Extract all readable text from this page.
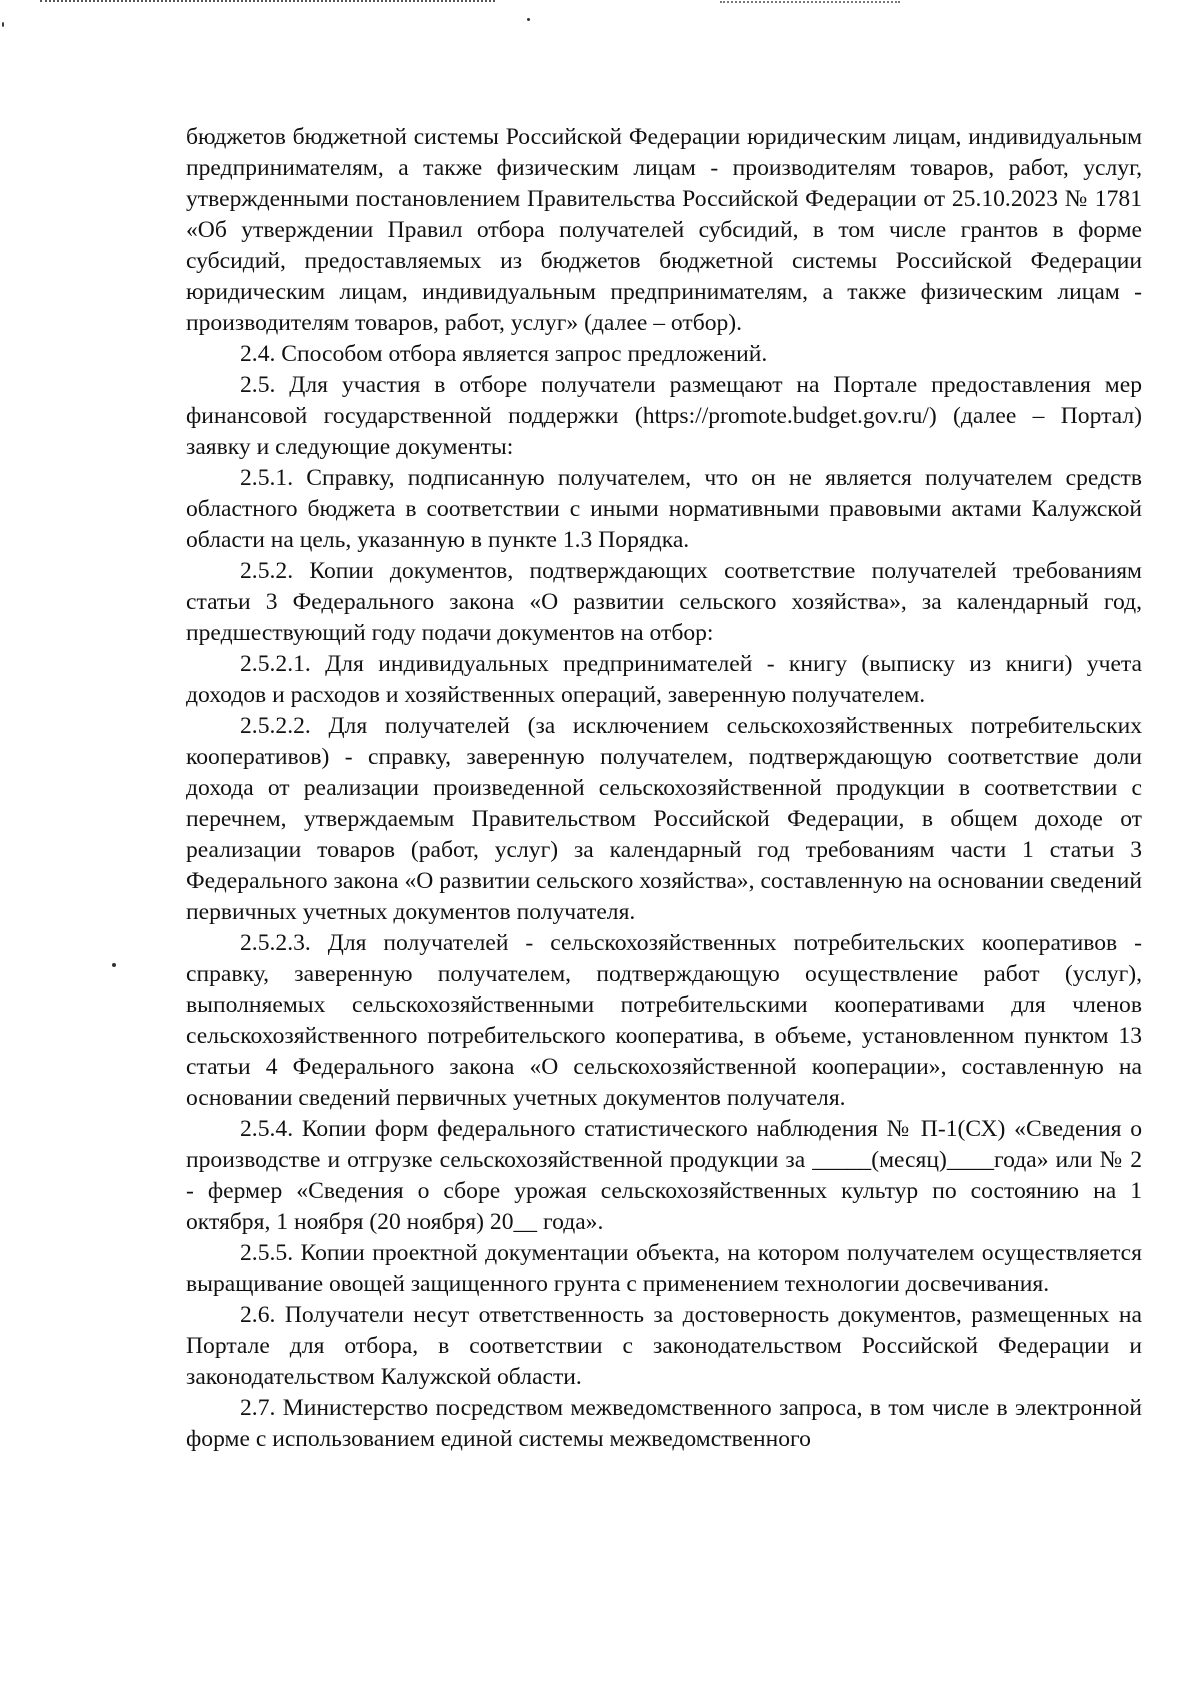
бюджетов бюджетной системы Российской Федерации юридическим лицам, индивидуальным предпринимателям, а также физическим лицам - производителям товаров, работ, услуг, утвержденными постановлением Правительства Российской Федерации от 25.10.2023 № 1781 «Об утверждении Правил отбора получателей субсидий, в том числе грантов в форме субсидий, предоставляемых из бюджетов бюджетной системы Российской Федерации юридическим лицам, индивидуальным предпринимателям, а также физическим лицам - производителям товаров, работ, услуг» (далее – отбор).

2.4. Способом отбора является запрос предложений.

2.5. Для участия в отборе получатели размещают на Портале предоставления мер финансовой государственной поддержки (https://promote.budget.gov.ru/) (далее – Портал) заявку и следующие документы:

2.5.1. Справку, подписанную получателем, что он не является получателем средств областного бюджета в соответствии с иными нормативными правовыми актами Калужской области на цель, указанную в пункте 1.3 Порядка.

2.5.2. Копии документов, подтверждающих соответствие получателей требованиям статьи 3 Федерального закона «О развитии сельского хозяйства», за календарный год, предшествующий году подачи документов на отбор:

2.5.2.1. Для индивидуальных предпринимателей - книгу (выписку из книги) учета доходов и расходов и хозяйственных операций, заверенную получателем.

2.5.2.2. Для получателей (за исключением сельскохозяйственных потребительских кооперативов) - справку, заверенную получателем, подтверждающую соответствие доли дохода от реализации произведенной сельскохозяйственной продукции в соответствии с перечнем, утверждаемым Правительством Российской Федерации, в общем доходе от реализации товаров (работ, услуг) за календарный год требованиям части 1 статьи 3 Федерального закона «О развитии сельского хозяйства», составленную на основании сведений первичных учетных документов получателя.

2.5.2.3. Для получателей - сельскохозяйственных потребительских кооперативов - справку, заверенную получателем, подтверждающую осуществление работ (услуг), выполняемых сельскохозяйственными потребительскими кооперативами для членов сельскохозяйственного потребительского кооператива, в объеме, установленном пунктом 13 статьи 4 Федерального закона «О сельскохозяйственной кооперации», составленную на основании сведений первичных учетных документов получателя.

2.5.4. Копии форм федерального статистического наблюдения № П-1(СХ) «Сведения о производстве и отгрузке сельскохозяйственной продукции за _____(месяц)____года» или № 2 - фермер «Сведения о сборе урожая сельскохозяйственных культур по состоянию на 1 октября, 1 ноября (20 ноября) 20__ года».

2.5.5. Копии проектной документации объекта, на котором получателем осуществляется выращивание овощей защищенного грунта с применением технологии досвечивания.

2.6. Получатели несут ответственность за достоверность документов, размещенных на Портале для отбора, в соответствии с законодательством Российской Федерации и законодательством Калужской области.

2.7. Министерство посредством межведомственного запроса, в том числе в электронной форме с использованием единой системы межведомственного
